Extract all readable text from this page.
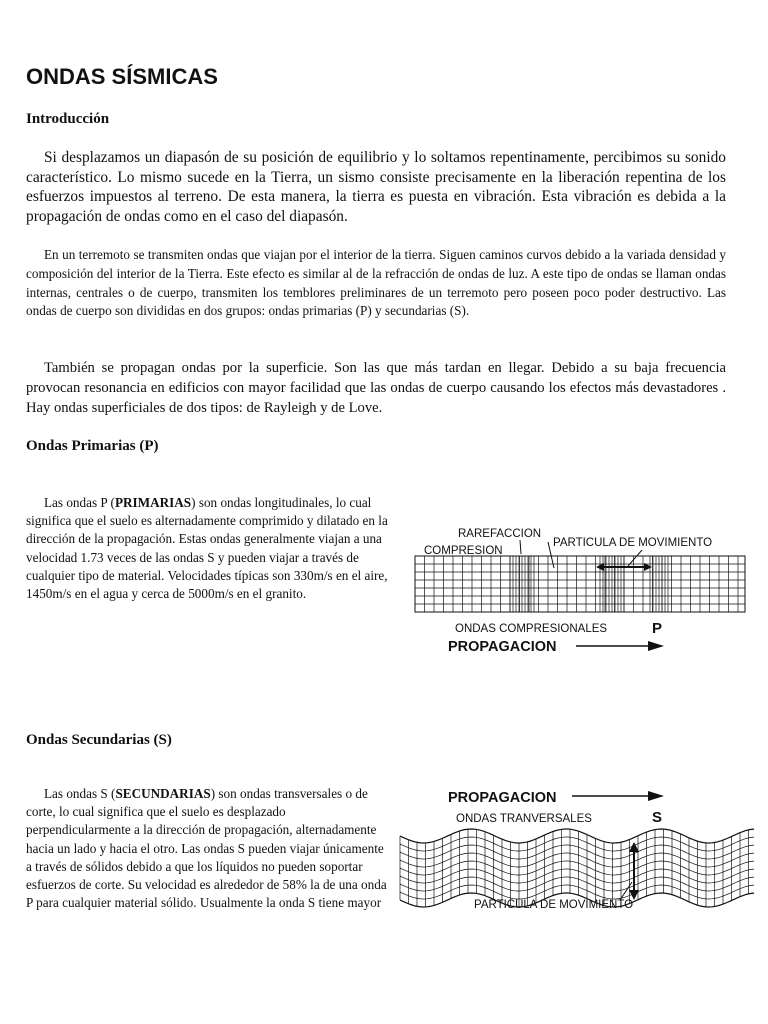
ONDAS SÍSMICAS
Introducción

Si desplazamos un diapasón de su posición de equilibrio y lo soltamos repentinamente, percibimos su sonido característico. Lo mismo sucede en la Tierra, un sismo consiste precisamente en la liberación repentina de los esfuerzos impuestos al terreno. De esta manera, la tierra es puesta en vibración. Esta vibración es debida a la propagación de ondas como en el caso del diapasón.

En un terremoto se transmiten ondas que viajan por el interior de la tierra. Siguen caminos curvos debido a la variada densidad y composición del interior de la Tierra. Este efecto es similar al de la refracción de ondas de luz. A este tipo de ondas se llaman ondas internas, centrales o de cuerpo, transmiten los temblores preliminares de un terremoto pero poseen poco poder destructivo. Las ondas de cuerpo son divididas en dos grupos: ondas primarias (P) y secundarias (S).

También se propagan ondas por la superficie. Son las que más tardan en llegar. Debido a su baja frecuencia provocan resonancia en edificios con mayor facilidad que las ondas de cuerpo causando los efectos más devastadores . Hay ondas superficiales de dos tipos: de Rayleigh y de Love.

Ondas Primarias (P)

Las ondas P (PRIMARIAS) son ondas longitudinales, lo cual significa que el suelo es alternadamente comprimido y dilatado en la dirección de la propagación. Estas ondas generalmente viajan a una velocidad 1.73 veces de las ondas S y pueden viajar a través de cualquier tipo de material. Velocidades típicas son 330m/s en el aire, 1450m/s en el agua y cerca de 5000m/s en el granito.

RAREFACCION
COMPRESION
PARTICULA DE MOVIMIENTO
ONDAS COMPRESIONALES	P
PROPAGACION
Ondas Secundarias (S)

Las ondas S (SECUNDARIAS) son ondas transversales o de corte, lo cual significa que el suelo es desplazado perpendicularmente a la dirección de propagación, alternadamente hacia un lado y hacia el otro. Las ondas S pueden viajar únicamente a través de sólidos debido a que los líquidos no pueden soportar esfuerzos de corte. Su velocidad es alrededor de 58% la de una onda P para cualquier material sólido. Usualmente la onda S tiene mayor

PROPAGACION
ONDAS TRANVERSALES	S
PARTICULA DE MOVIMIENTO
